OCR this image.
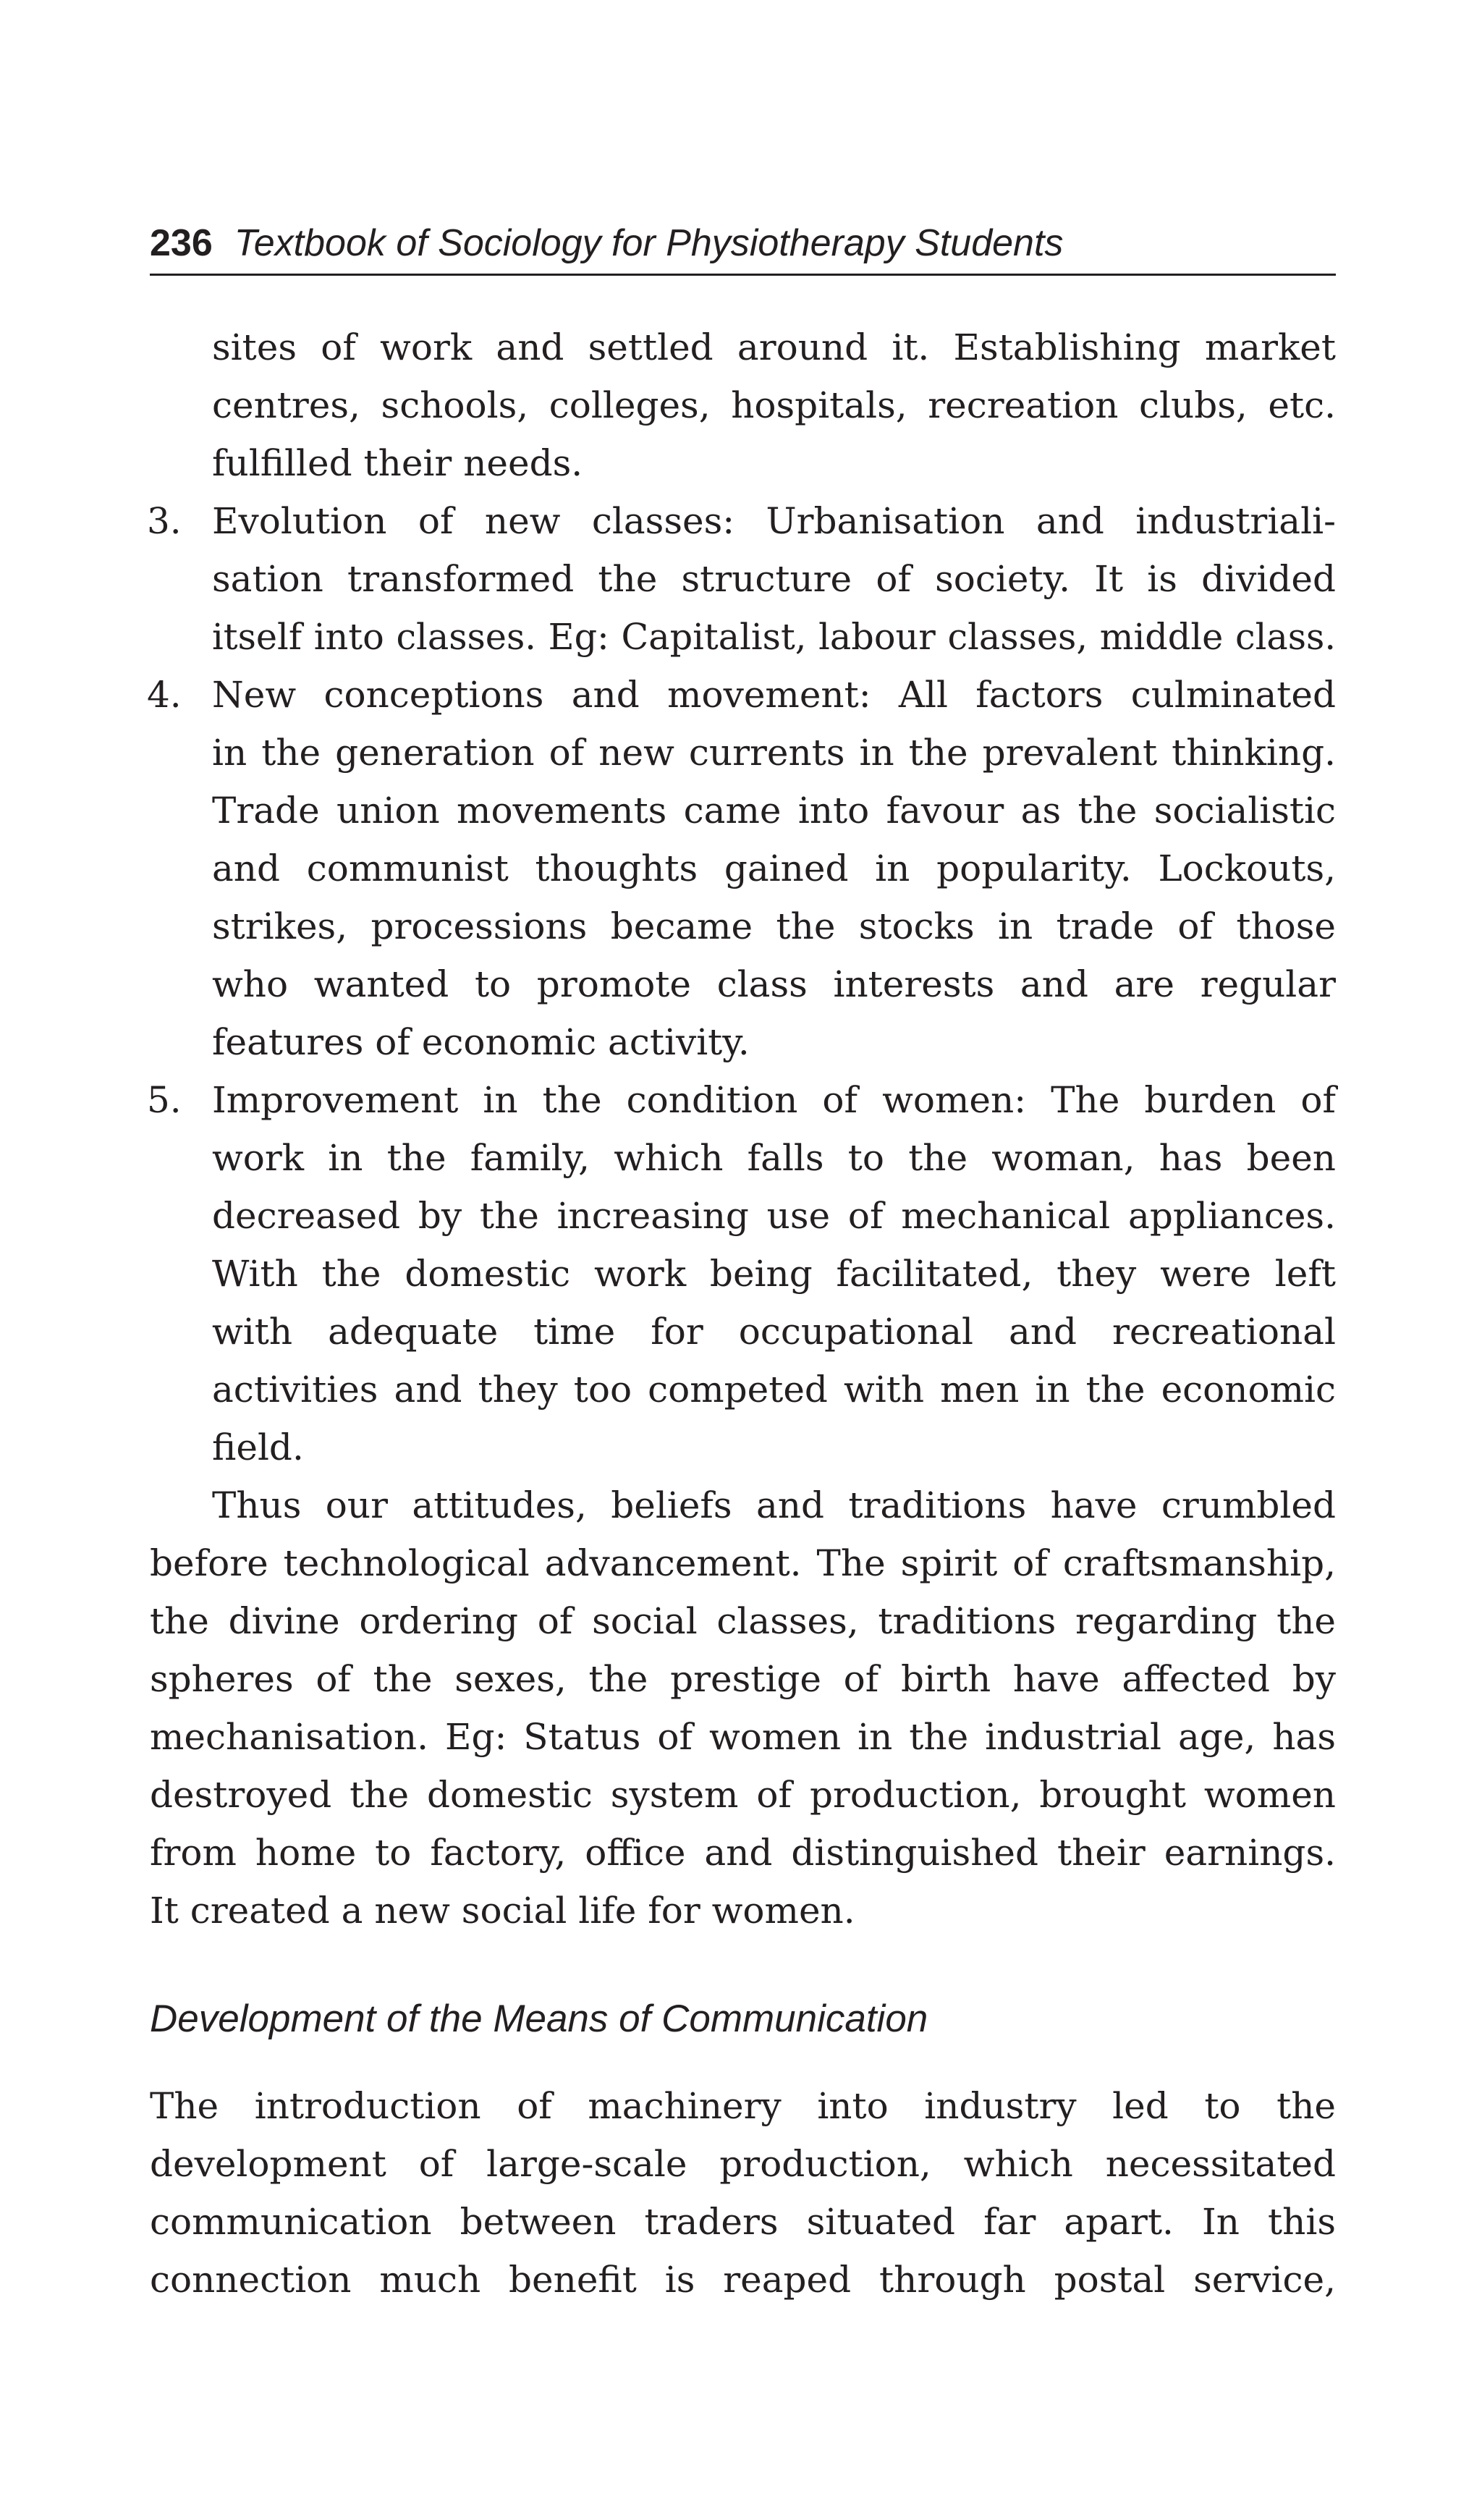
236 Textbook of Sociology for Physiotherapy Students
sites of work and settled around it. Establishing market
centres, schools, colleges, hospitals, recreation clubs, etc.
fulfilled their needs.
3. Evolution of new classes: Urbanisation and industriali-
sation transformed the structure of society. It is divided
itself into classes. Eg: Capitalist, labour classes, middle class.
4. New conceptions and movement: All factors culminated
in the generation of new currents in the prevalent thinking.
Trade union movements came into favour as the socialistic
and communist thoughts gained in popularity. Lockouts,
strikes, processions became the stocks in trade of those
who wanted to promote class interests and are regular
features of economic activity.
5. Improvement in the condition of women: The burden of
work in the family, which falls to the woman, has been
decreased by the increasing use of mechanical appliances.
With the domestic work being facilitated, they were left
with adequate time for occupational and recreational
activities and they too competed with men in the economic
field.
Thus our attitudes, beliefs and traditions have crumbled
before technological advancement. The spirit of craftsmanship,
the divine ordering of social classes, traditions regarding the
spheres of the sexes, the prestige of birth have affected by
mechanisation. Eg: Status of women in the industrial age, has
destroyed the domestic system of production, brought women
from home to factory, office and distinguished their earnings.
It created a new social life for women.
Development of the Means of Communication
The introduction of machinery into industry led to the
development of large-scale production, which necessitated
communication between traders situated far apart. In this
connection much benefit is reaped through postal service,
